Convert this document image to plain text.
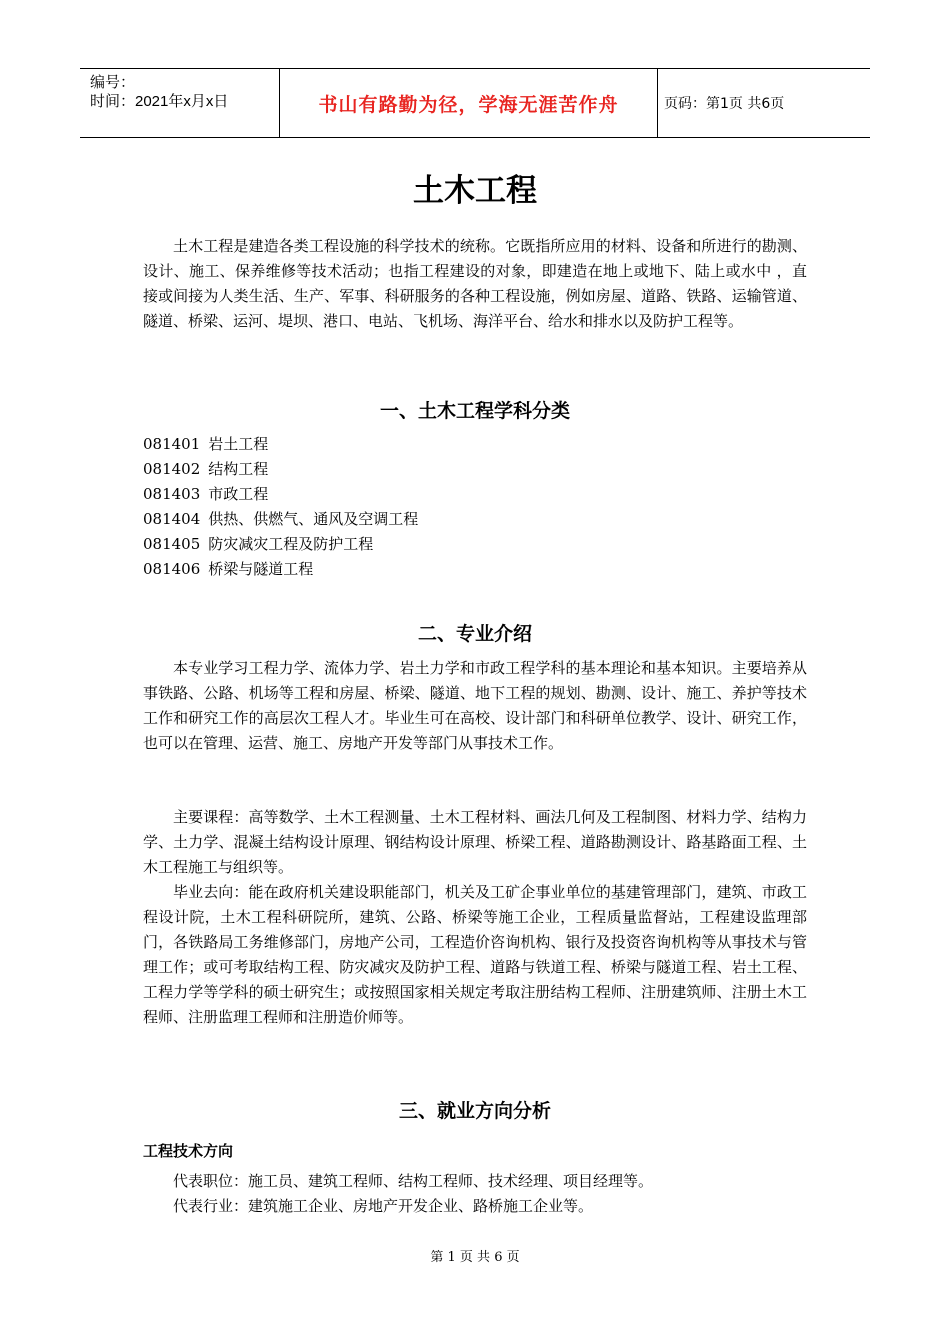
编号：
时间：2021年x月x日	书山有路勤为径，学海无涯苦作舟	页码：第1页 共6页
土木工程

土木工程是建造各类工程设施的科学技术的统称。它既指所应用的材料、设备和所进行的勘测、设计、施工、保养维修等技术活动；也指工程建设的对象，即建造在地上或地下、陆上或水中 ，直接或间接为人类生活、生产、军事、科研服务的各种工程设施，例如房屋、道路、铁路、运输管道、隧道、桥梁、运河、堤坝、港口、电站、飞机场、海洋平台、给水和排水以及防护工程等。

一、土木工程学科分类
081401 岩土工程
081402 结构工程
081403 市政工程
081404 供热、供燃气、通风及空调工程
081405 防灾减灾工程及防护工程
081406 桥梁与隧道工程
二、专业介绍

本专业学习工程力学、流体力学、岩土力学和市政工程学科的基本理论和基本知识。主要培养从事铁路、公路、机场等工程和房屋、桥梁、隧道、地下工程的规划、勘测、设计、施工、养护等技术工作和研究工作的高层次工程人才。毕业生可在高校、设计部门和科研单位教学、设计、研究工作，也可以在管理、运营、施工、房地产开发等部门从事技术工作。

主要课程：高等数学、土木工程测量、土木工程材料、画法几何及工程制图、材料力学、结构力学、土力学、混凝土结构设计原理、钢结构设计原理、桥梁工程、道路勘测设计、路基路面工程、土木工程施工与组织等。

毕业去向：能在政府机关建设职能部门，机关及工矿企事业单位的基建管理部门，建筑、市政工程设计院，土木工程科研院所，建筑、公路、桥梁等施工企业，工程质量监督站，工程建设监理部门，各铁路局工务维修部门，房地产公司，工程造价咨询机构、银行及投资咨询机构等从事技术与管理工作；或可考取结构工程、防灾减灾及防护工程、道路与铁道工程、桥梁与隧道工程、岩土工程、工程力学等学科的硕士研究生；或按照国家相关规定考取注册结构工程师、注册建筑师、注册土木工程师、注册监理工程师和注册造价师等。

三、就业方向分析
工程技术方向

代表职位：施工员、建筑工程师、结构工程师、技术经理、项目经理等。

代表行业：建筑施工企业、房地产开发企业、路桥施工企业等。

第 1 页 共 6 页
